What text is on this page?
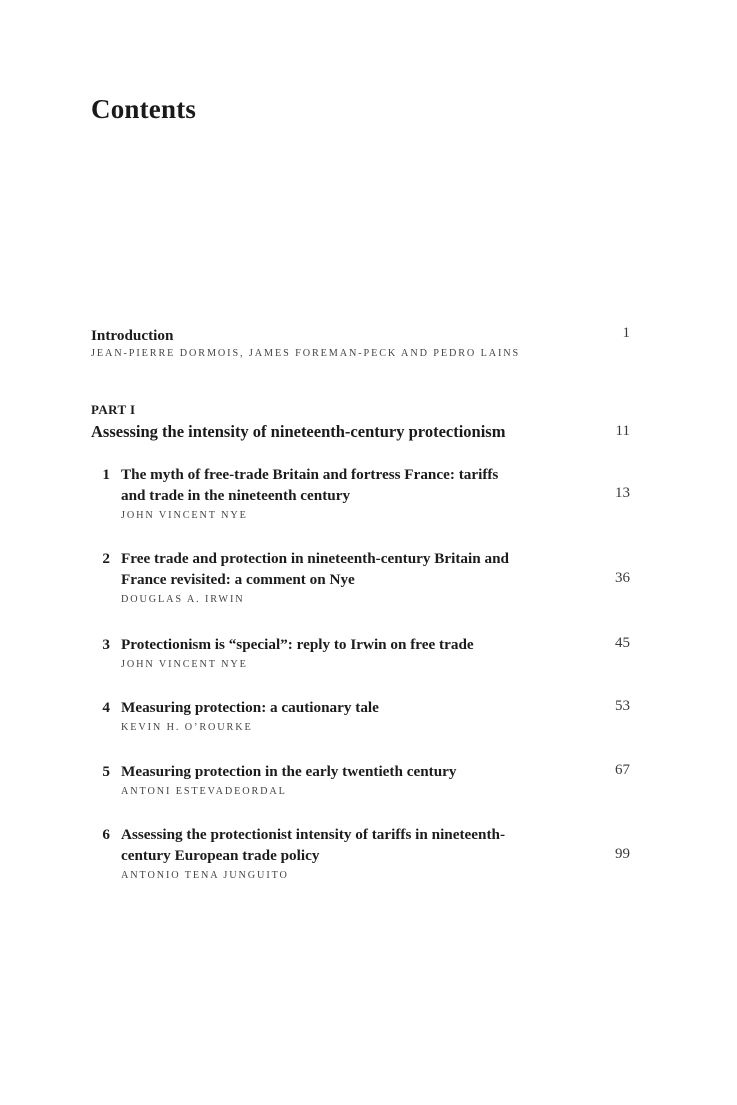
Contents
Introduction
JEAN-PIERRE DORMOIS, JAMES FOREMAN-PECK AND PEDRO LAINS
1
PART I
Assessing the intensity of nineteenth-century protectionism	11
1 The myth of free-trade Britain and fortress France: tariffs
and trade in the nineteenth century
JOHN VINCENT NYE
13
2 Free trade and protection in nineteenth-century Britain and
France revisited: a comment on Nye
DOUGLAS A. IRWIN
36
3 Protectionism is “special”: reply to Irwin on free trade
JOHN VINCENT NYE
45
4 Measuring protection: a cautionary tale
KEVIN H. O’ROURKE
53
5 Measuring protection in the early twentieth century
ANTONI ESTEVADEORDAL
67
6 Assessing the protectionist intensity of tariffs in nineteenth-
century European trade policy
ANTONIO TENA JUNGUITO
99
